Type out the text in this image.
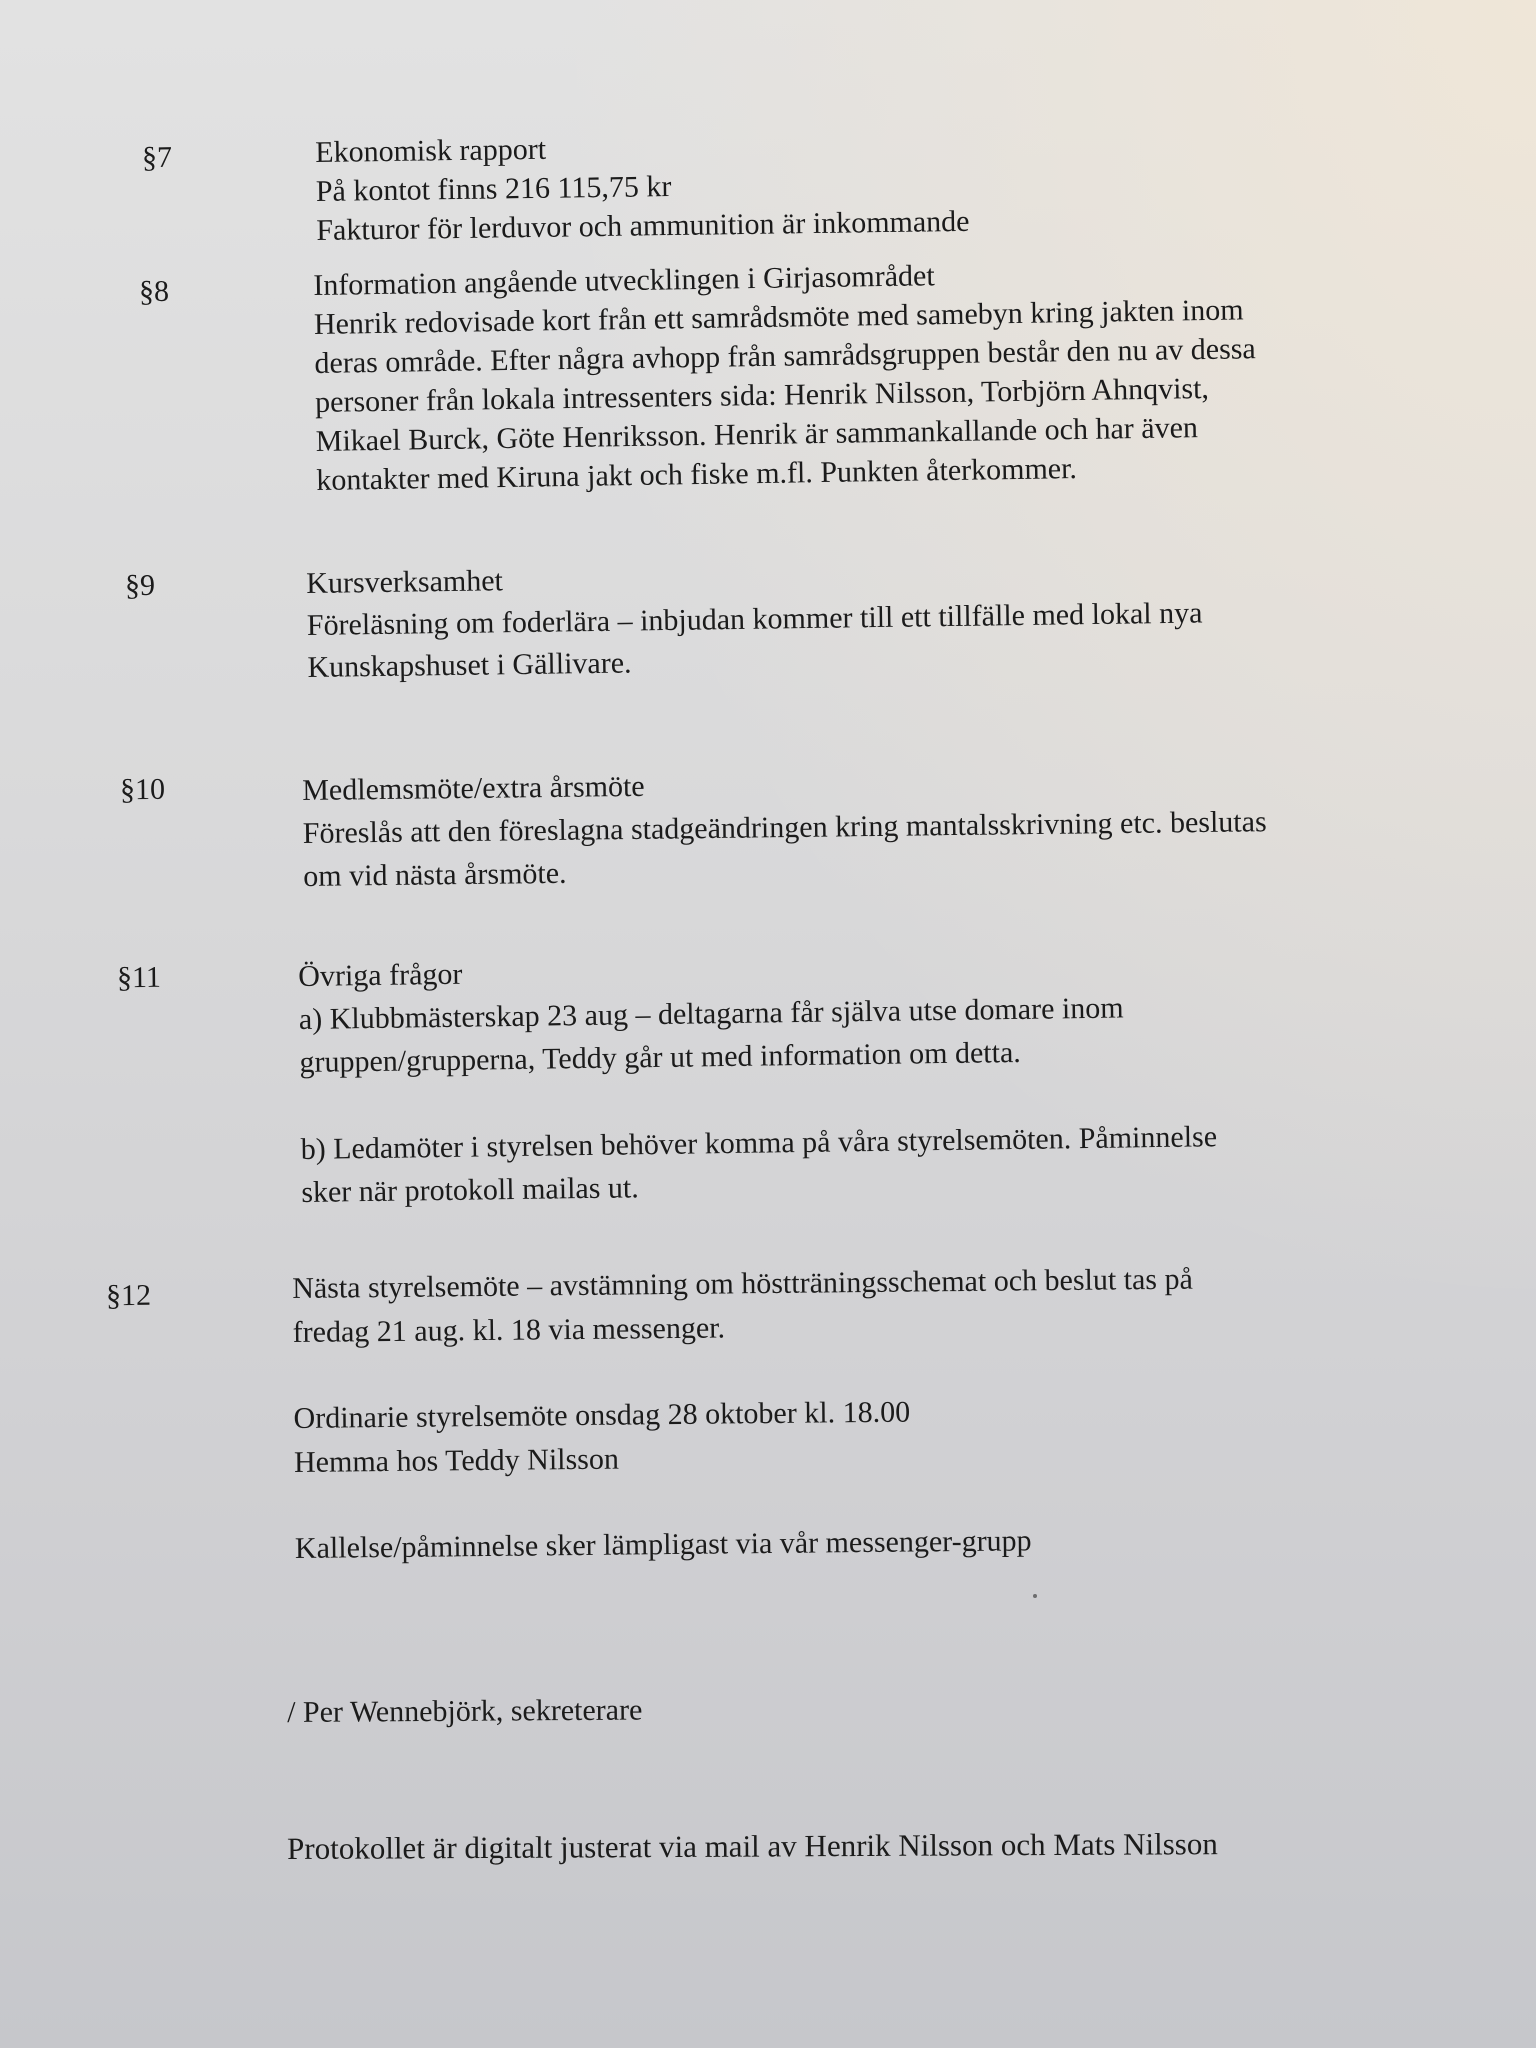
§7	Ekonomisk rapport
På kontot finns 216 115,75 kr
Fakturor för lerduvor och ammunition är inkommande
§8	Information angående utvecklingen i Girjasområdet
Henrik redovisade kort från ett samrådsmöte med samebyn kring jakten inom
deras område. Efter några avhopp från samrådsgruppen består den nu av dessa
personer från lokala intressenters sida: Henrik Nilsson, Torbjörn Ahnqvist,
Mikael Burck, Göte Henriksson. Henrik är sammankallande och har även
kontakter med Kiruna jakt och fiske m.fl. Punkten återkommer.
§9	Kursverksamhet
Föreläsning om foderlära – inbjudan kommer till ett tillfälle med lokal nya
Kunskapshuset i Gällivare.
§10	Medlemsmöte/extra årsmöte
Föreslås att den föreslagna stadgeändringen kring mantalsskrivning etc. beslutas
om vid nästa årsmöte.
§11	Övriga frågor
a) Klubbmästerskap 23 aug – deltagarna får själva utse domare inom
gruppen/grupperna, Teddy går ut med information om detta.
b) Ledamöter i styrelsen behöver komma på våra styrelsemöten. Påminnelse
sker när protokoll mailas ut.
§12	Nästa styrelsemöte – avstämning om höstträningsschemat och beslut tas på
fredag 21 aug. kl. 18 via messenger.
Ordinarie styrelsemöte onsdag 28 oktober kl. 18.00
Hemma hos Teddy Nilsson
Kallelse/påminnelse sker lämpligast via vår messenger-grupp
/ Per Wennebjörk, sekreterare
Protokollet är digitalt justerat via mail av Henrik Nilsson och Mats Nilsson
